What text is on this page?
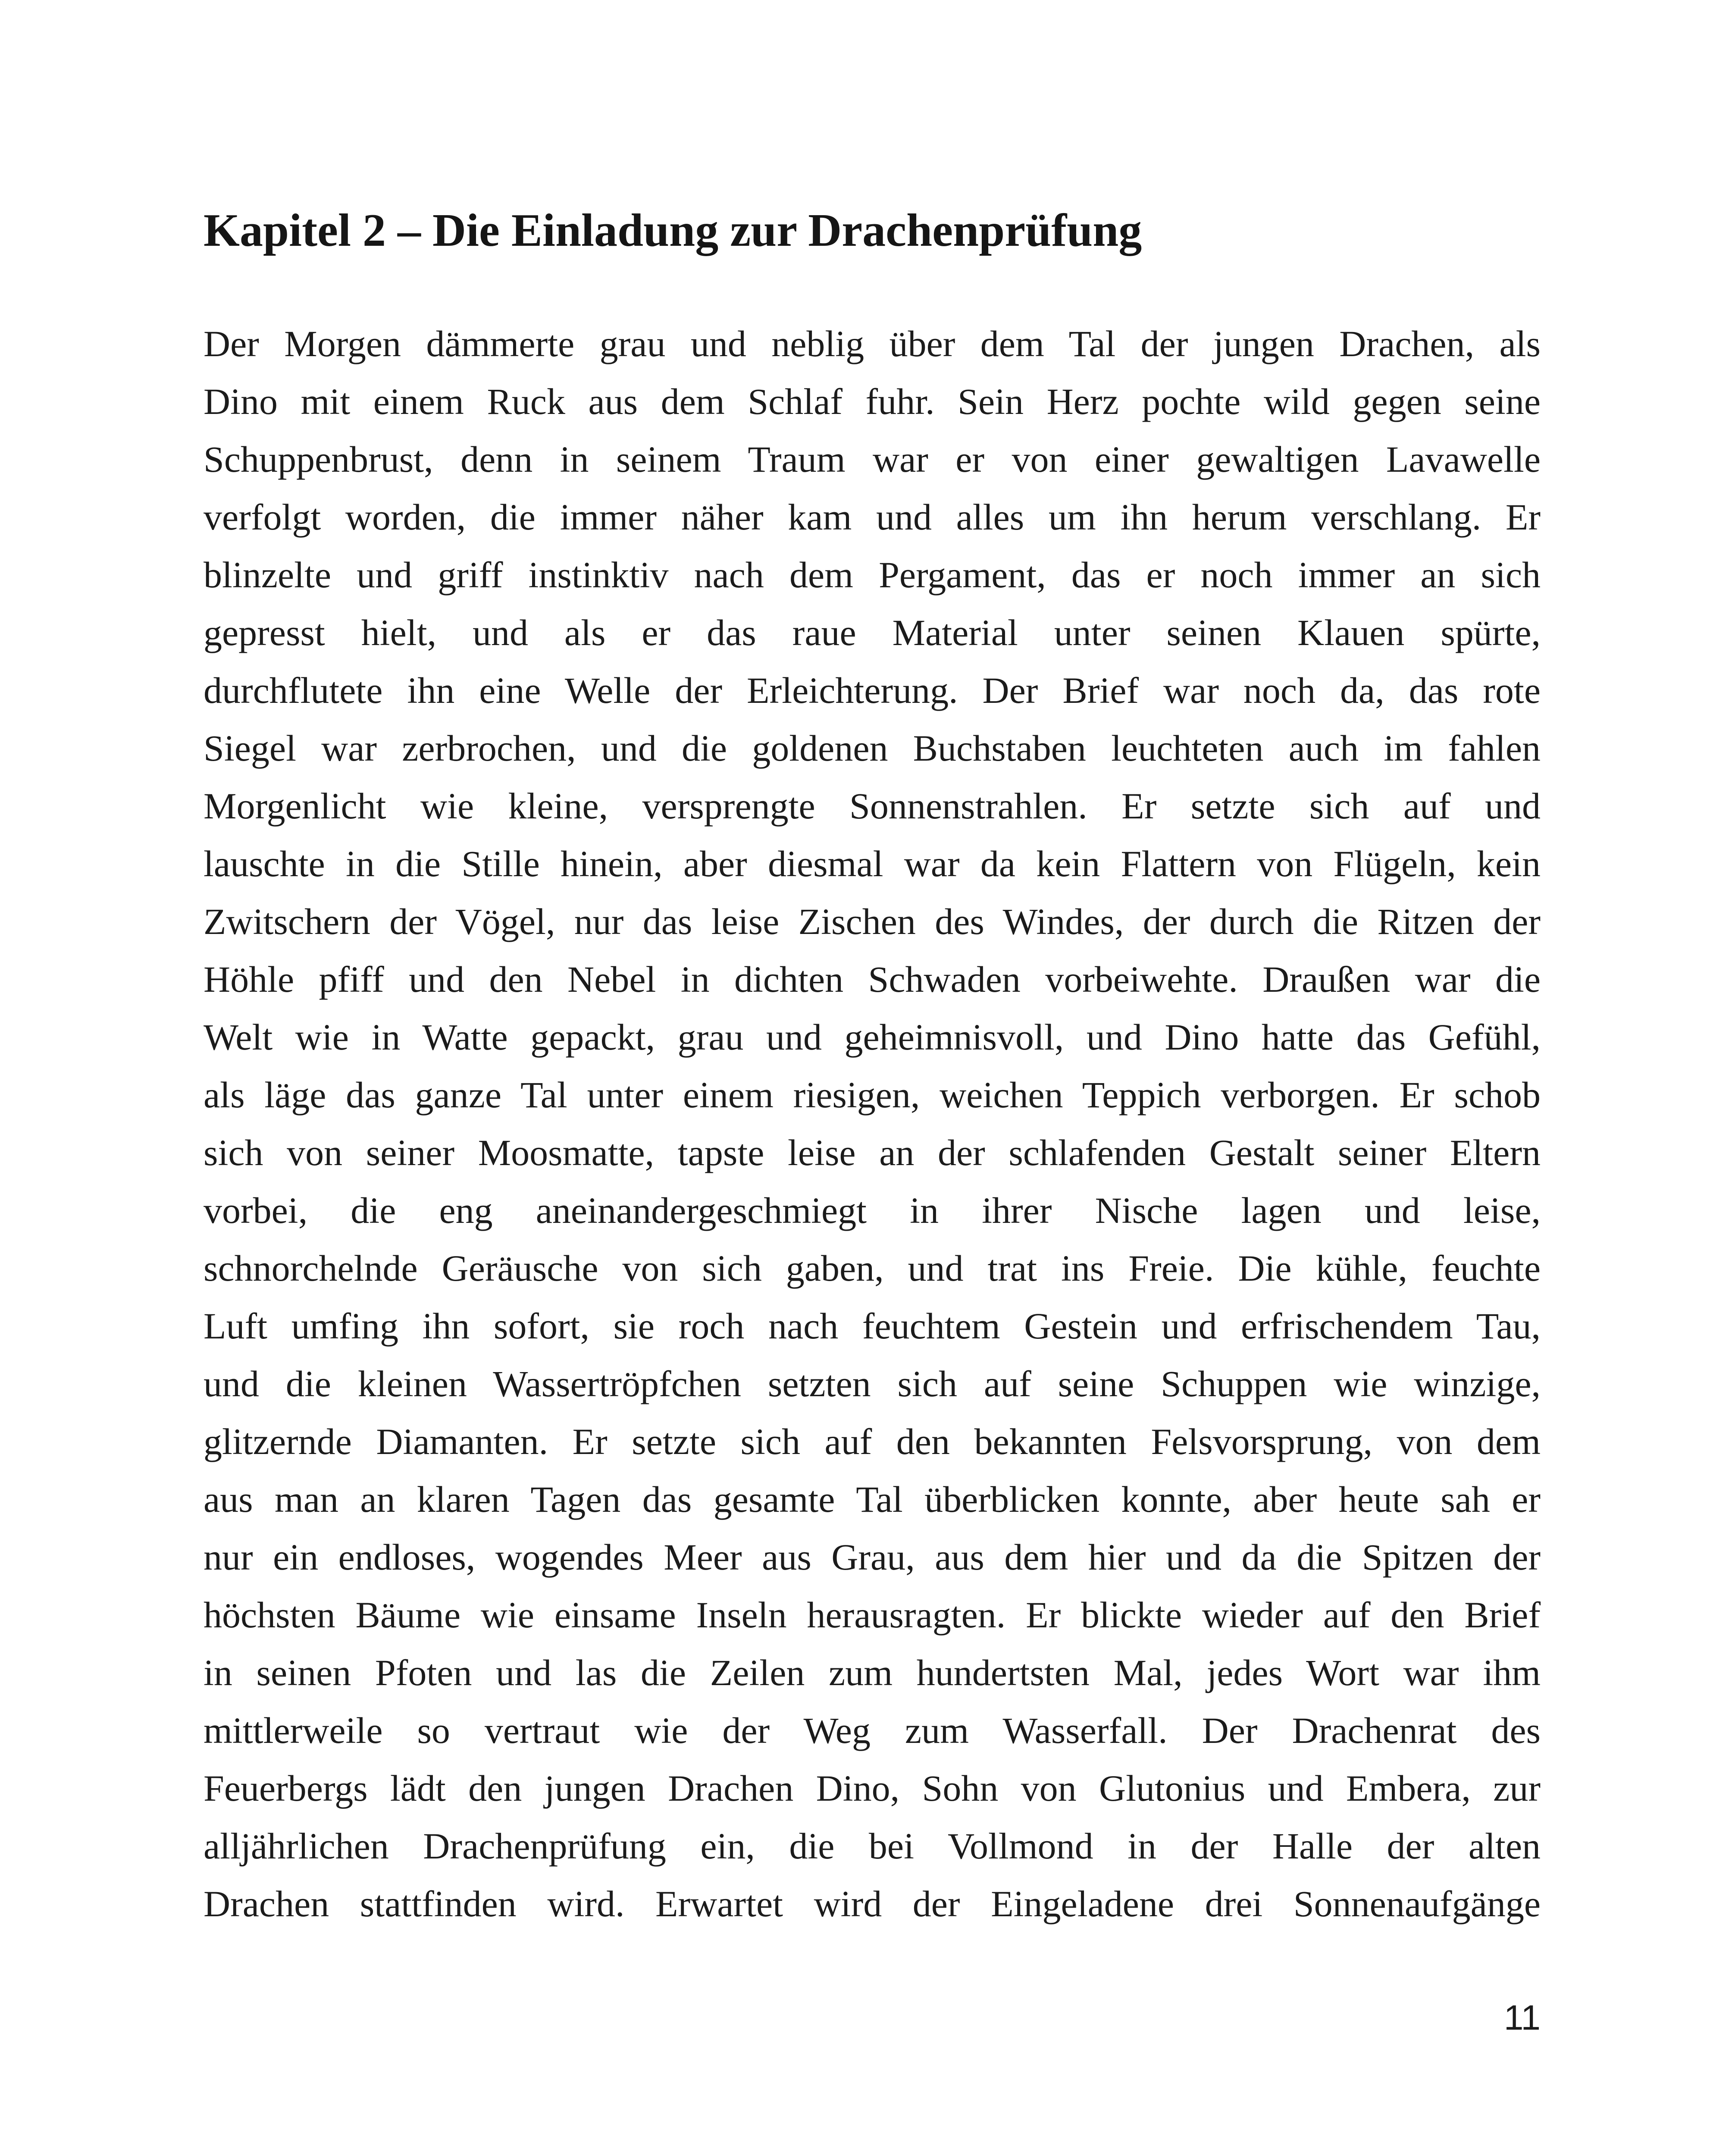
Kapitel 2 – Die Einladung zur Drachenprüfung
Der Morgen dämmerte grau und neblig über dem Tal der jungen Drachen, als
Dino mit einem Ruck aus dem Schlaf fuhr. Sein Herz pochte wild gegen seine
Schuppenbrust, denn in seinem Traum war er von einer gewaltigen Lavawelle
verfolgt worden, die immer näher kam und alles um ihn herum verschlang. Er
blinzelte und griff instinktiv nach dem Pergament, das er noch immer an sich
gepresst hielt, und als er das raue Material unter seinen Klauen spürte,
durchflutete ihn eine Welle der Erleichterung. Der Brief war noch da, das rote
Siegel war zerbrochen, und die goldenen Buchstaben leuchteten auch im fahlen
Morgenlicht wie kleine, versprengte Sonnenstrahlen. Er setzte sich auf und
lauschte in die Stille hinein, aber diesmal war da kein Flattern von Flügeln, kein
Zwitschern der Vögel, nur das leise Zischen des Windes, der durch die Ritzen der
Höhle pfiff und den Nebel in dichten Schwaden vorbeiwehte. Draußen war die
Welt wie in Watte gepackt, grau und geheimnisvoll, und Dino hatte das Gefühl,
als läge das ganze Tal unter einem riesigen, weichen Teppich verborgen. Er schob
sich von seiner Moosmatte, tapste leise an der schlafenden Gestalt seiner Eltern
vorbei, die eng aneinandergeschmiegt in ihrer Nische lagen und leise,
schnorchelnde Geräusche von sich gaben, und trat ins Freie. Die kühle, feuchte
Luft umfing ihn sofort, sie roch nach feuchtem Gestein und erfrischendem Tau,
und die kleinen Wassertröpfchen setzten sich auf seine Schuppen wie winzige,
glitzernde Diamanten. Er setzte sich auf den bekannten Felsvorsprung, von dem
aus man an klaren Tagen das gesamte Tal überblicken konnte, aber heute sah er
nur ein endloses, wogendes Meer aus Grau, aus dem hier und da die Spitzen der
höchsten Bäume wie einsame Inseln herausragten. Er blickte wieder auf den Brief
in seinen Pfoten und las die Zeilen zum hundertsten Mal, jedes Wort war ihm
mittlerweile so vertraut wie der Weg zum Wasserfall. Der Drachenrat des
Feuerbergs lädt den jungen Drachen Dino, Sohn von Glutonius und Embera, zur
alljährlichen Drachenprüfung ein, die bei Vollmond in der Halle der alten
Drachen stattfinden wird. Erwartet wird der Eingeladene drei Sonnenaufgänge
11
